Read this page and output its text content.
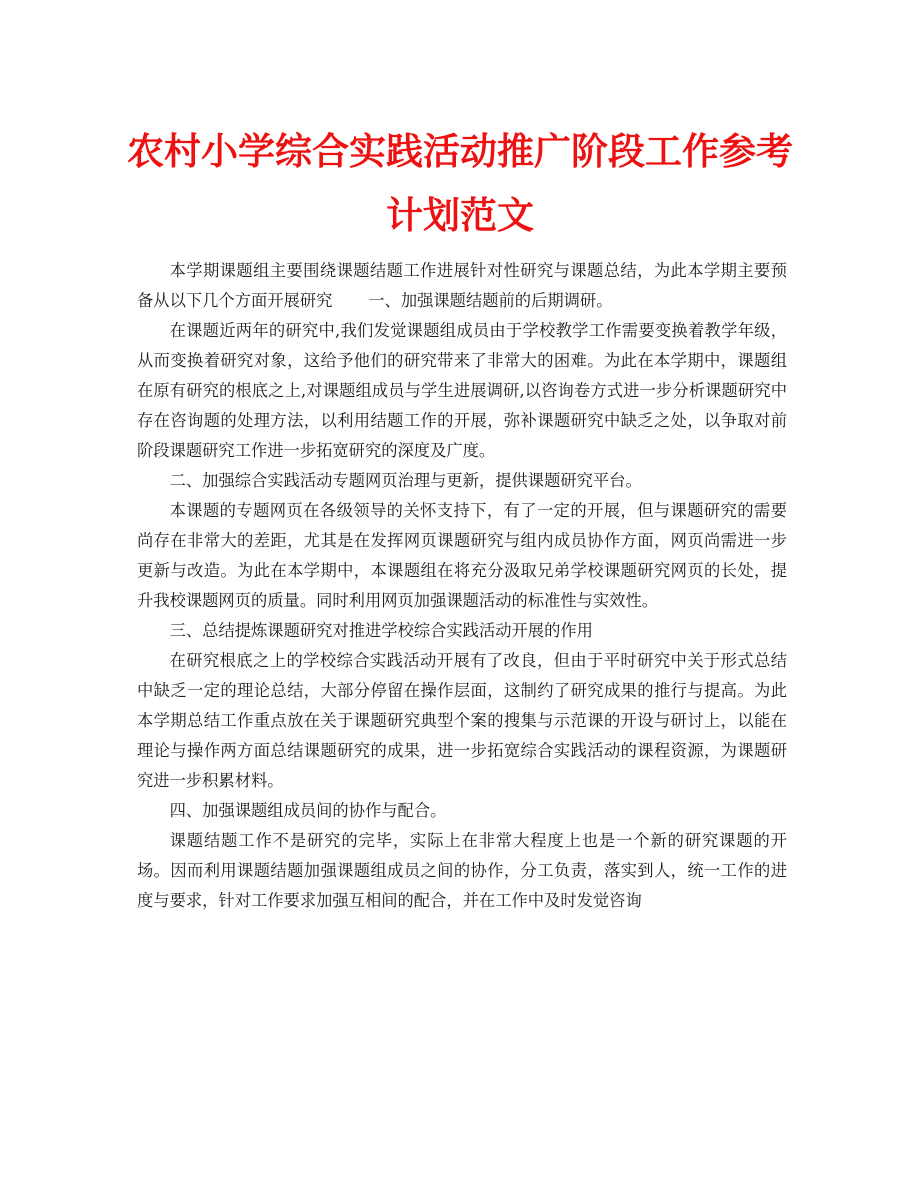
农村小学综合实践活动推广阶段工作参考
计划范文

本学期课题组主要围绕课题结题工作进展针对性研究与课题总结，为此本学期主要预备从以下几个方面开展研究 一、加强课题结题前的后期调研。

在课题近两年的研究中,我们发觉课题组成员由于学校教学工作需要变换着教学年级，从而变换着研究对象，这给予他们的研究带来了非常大的困难。为此在本学期中，课题组在原有研究的根底之上,对课题组成员与学生进展调研,以咨询卷方式进一步分析课题研究中存在咨询题的处理方法，以利用结题工作的开展，弥补课题研究中缺乏之处，以争取对前阶段课题研究工作进一步拓宽研究的深度及广度。

二、加强综合实践活动专题网页治理与更新，提供课题研究平台。

本课题的专题网页在各级领导的关怀支持下，有了一定的开展，但与课题研究的需要尚存在非常大的差距，尤其是在发挥网页课题研究与组内成员协作方面，网页尚需进一步更新与改造。为此在本学期中，本课题组在将充分汲取兄弟学校课题研究网页的长处，提升我校课题网页的质量。同时利用网页加强课题活动的标准性与实效性。

三、总结提炼课题研究对推进学校综合实践活动开展的作用

在研究根底之上的学校综合实践活动开展有了改良，但由于平时研究中关于形式总结中缺乏一定的理论总结，大部分停留在操作层面，这制约了研究成果的推行与提高。为此本学期总结工作重点放在关于课题研究典型个案的搜集与示范课的开设与研讨上，以能在理论与操作两方面总结课题研究的成果，进一步拓宽综合实践活动的课程资源，为课题研究进一步积累材料。

四、加强课题组成员间的协作与配合。

课题结题工作不是研究的完毕，实际上在非常大程度上也是一个新的研究课题的开场。因而利用课题结题加强课题组成员之间的协作，分工负责，落实到人，统一工作的进度与要求，针对工作要求加强互相间的配合，并在工作中及时发觉咨询
